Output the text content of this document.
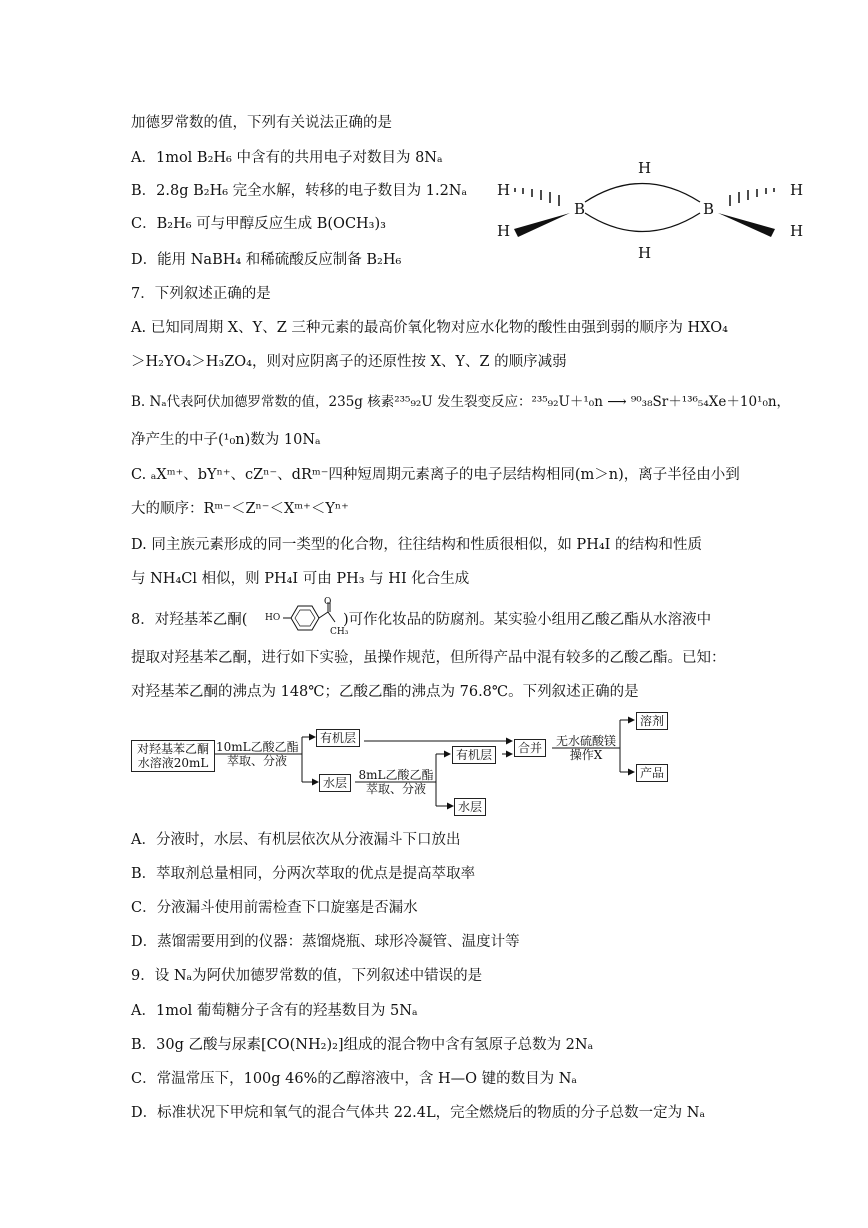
加德罗常数的值，下列有关说法正确的是
A．1mol B₂H₆ 中含有的共用电子对数目为 8Nₐ
B．2.8g B₂H₆ 完全水解，转移的电子数目为 1.2Nₐ
C．B₂H₆ 可与甲醇反应生成 B(OCH₃)₃
D．能用 NaBH₄ 和稀硫酸反应制备 B₂H₆
H
H
H
H
B	B
H
H
7．下列叙述正确的是
A. 已知同周期 X、Y、Z 三种元素的最高价氧化物对应水化物的酸性由强到弱的顺序为 HXO₄
＞H₂YO₄＞H₃ZO₄，则对应阴离子的还原性按 X、Y、Z 的顺序减弱
B. Nₐ代表阿伏加德罗常数的值，235g 核素²³⁵₉₂U 发生裂变反应：²³⁵₉₂U＋¹₀n ⟶ ⁹⁰₃₈Sr＋¹³⁶₅₄Xe＋10¹₀n，
净产生的中子(¹₀n)数为 10Nₐ
C. ₐXᵐ⁺、bYⁿ⁺、cZⁿ⁻、dRᵐ⁻四种短周期元素离子的电子层结构相同(m＞n)，离子半径由小到
大的顺序：Rᵐ⁻＜Zⁿ⁻＜Xᵐ⁺＜Yⁿ⁺
D. 同主族元素形成的同一类型的化合物，往往结构和性质很相似，如 PH₄I 的结构和性质
与 NH₄Cl 相似，则 PH₄I 可由 PH₃ 与 HI 化合生成
8．对羟基苯乙酮( HO
O
CH₃
)可作化妆品的防腐剂。某实验小组用乙酸乙酯从水溶液中
提取对羟基苯乙酮，进行如下实验，虽操作规范，但所得产品中混有较多的乙酸乙酯。已知：
对羟基苯乙酮的沸点为 148℃；乙酸乙酯的沸点为 76.8℃。下列叙述正确的是
对羟基苯乙酮
水溶液20mL
10mL乙酸乙酯
萃取、分液
有机层
水层
8mL乙酸乙酯
萃取、分液
有机层
水层
合并	无水硫酸镁
操作X
溶剂
产品
A．分液时，水层、有机层依次从分液漏斗下口放出
B．萃取剂总量相同，分两次萃取的优点是提高萃取率
C．分液漏斗使用前需检查下口旋塞是否漏水
D．蒸馏需要用到的仪器：蒸馏烧瓶、球形冷凝管、温度计等
9．设 Nₐ为阿伏加德罗常数的值，下列叙述中错误的是
A．1mol 葡萄糖分子含有的羟基数目为 5Nₐ
B．30g 乙酸与尿素[CO(NH₂)₂]组成的混合物中含有氢原子总数为 2Nₐ
C．常温常压下，100g 46%的乙醇溶液中，含 H—O 键的数目为 Nₐ
D．标准状况下甲烷和氧气的混合气体共 22.4L，完全燃烧后的物质的分子总数一定为 Nₐ
